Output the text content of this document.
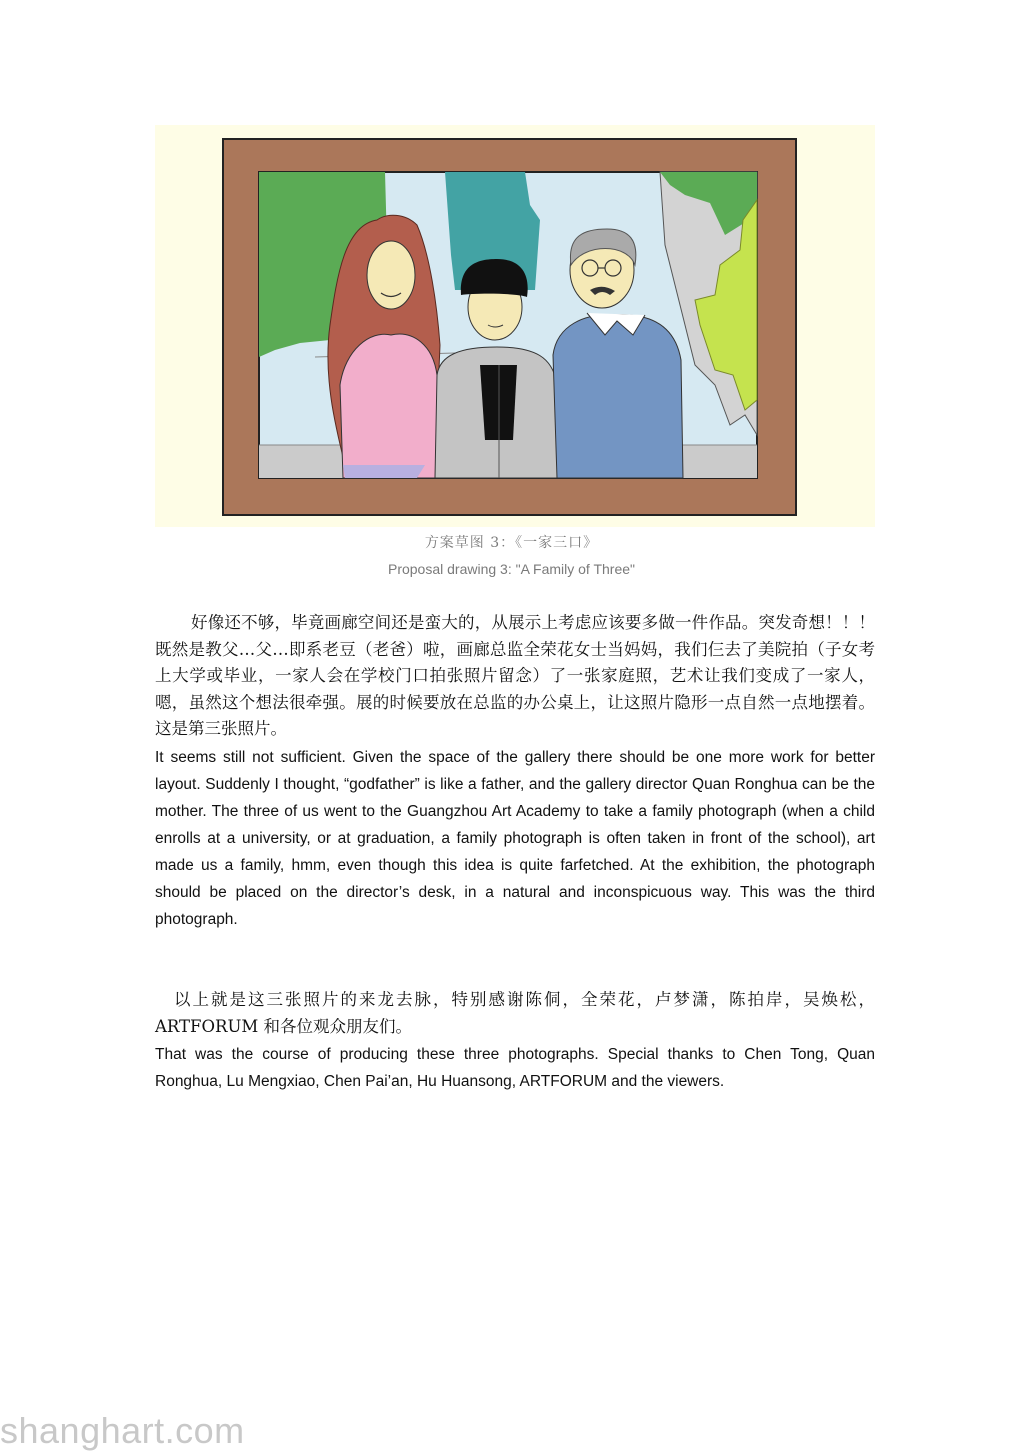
方案草图 3：《一家三口》
Proposal drawing 3: "A Family of Three"

好像还不够，毕竟画廊空间还是蛮大的，从展示上考虑应该要多做一件作品。突发奇想！！！既然是教父…父…即系老豆（老爸）啦，画廊总监全荣花女士当妈妈，我们仨去了美院拍（子女考上大学或毕业，一家人会在学校门口拍张照片留念）了一张家庭照，艺术让我们变成了一家人，嗯，虽然这个想法很牵强。展的时候要放在总监的办公桌上，让这照片隐形一点自然一点地摆着。这是第三张照片。

It seems still not sufficient. Given the space of the gallery there should be one more work for better layout. Suddenly I thought, “godfather” is like a father, and the gallery director Quan Ronghua can be the mother. The three of us went to the Guangzhou Art Academy to take a family photograph (when a child enrolls at a university, or at graduation, a family photograph is often taken in front of the school), art made us a family, hmm, even though this idea is quite farfetched. At the exhibition, the photograph should be placed on the director’s desk, in a natural and inconspicuous way. This was the third photograph.

以上就是这三张照片的来龙去脉，特别感谢陈侗，全荣花，卢梦潇，陈拍岸，吴焕松，ARTFORUM 和各位观众朋友们。

That was the course of producing these three photographs. Special thanks to Chen Tong, Quan Ronghua, Lu Mengxiao, Chen Pai’an, Hu Huansong, ARTFORUM and the viewers.

shanghart.com
